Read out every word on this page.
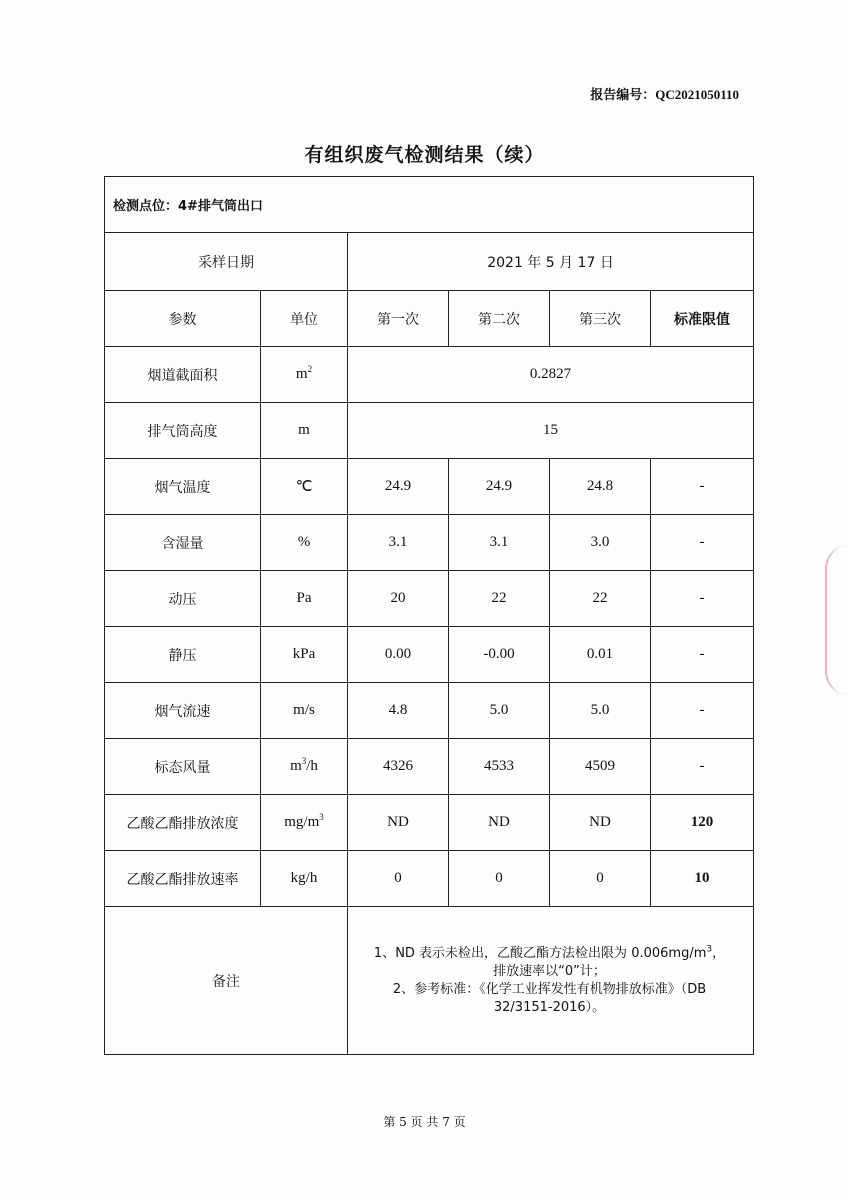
报告编号：QC2021050110
有组织废气检测结果（续）
检测点位：4#排气筒出口					
采样日期		2021 年 5 月 17 日			
参数	单位	第一次	第二次	第三次	标准限值
烟道截面积	$m^2$	0.2827			
排气筒高度	m	15			
烟气温度	℃	24.9	24.9	24.8	-
含湿量	%	3.1	3.1	3.0	-
动压	Pa	20	22	22	-
静压	kPa	0.00	-0.00	0.01	-
烟气流速	m/s	4.8	5.0	5.0	-
标态风量	$m^3/h$	4326	4533	4509	-
乙酸乙酯排放浓度	$mg/m^3$	ND	ND	ND	120
乙酸乙酯排放速率	kg/h	0	0	0	10
备注		1、ND 表示未检出，乙酸乙酯方法检出限为 $0.006mg/m^3$，
排放速率以“0”计；
2、参考标准：《化学工业挥发性有机物排放标准》（DB
32/3151-2016）。			
第 5 页 共 7 页
